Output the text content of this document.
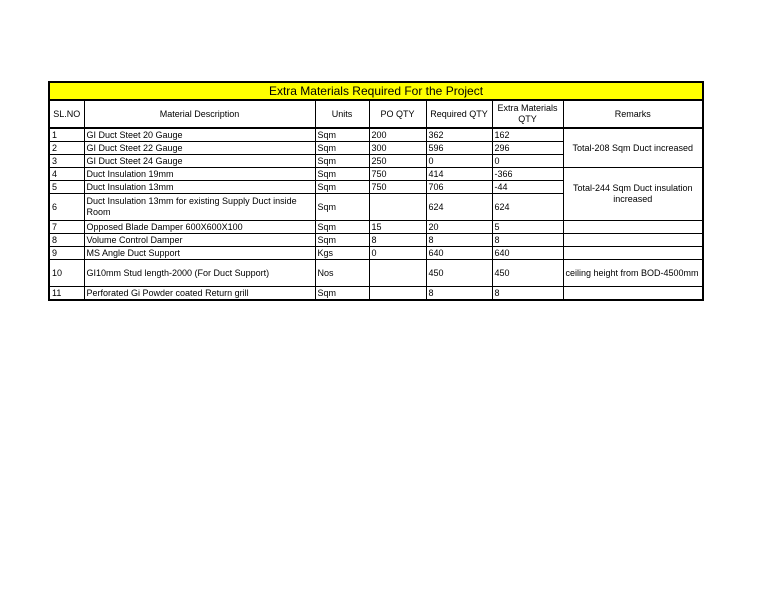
Extra Materials Required For the Project						
SL.NO	Material Description	Units	PO QTY	Required QTY	Extra Materials QTY	Remarks
1	GI Duct Steet 20 Gauge	Sqm	200	362	162	Total-208 Sqm Duct increased
2	GI Duct Steet 22 Gauge	Sqm	300	596	296	
3	GI Duct Steet 24 Gauge	Sqm	250	0	0	
4	Duct Insulation 19mm	Sqm	750	414	-366	Total-244 Sqm Duct insulation increased
5	Duct Insulation 13mm	Sqm	750	706	-44	
6	Duct Insulation 13mm for existing Supply Duct inside Room	Sqm		624	624	
7	Opposed Blade Damper 600X600X100	Sqm	15	20	5	
8	Volume Control Damper	Sqm	8	8	8	
9	MS Angle Duct Support	Kgs	0	640	640	
10	GI10mm Stud length-2000 (For Duct Support)	Nos		450	450	ceiling height from BOD-4500mm
11	Perforated Gi Powder coated Return grill	Sqm		8	8	
